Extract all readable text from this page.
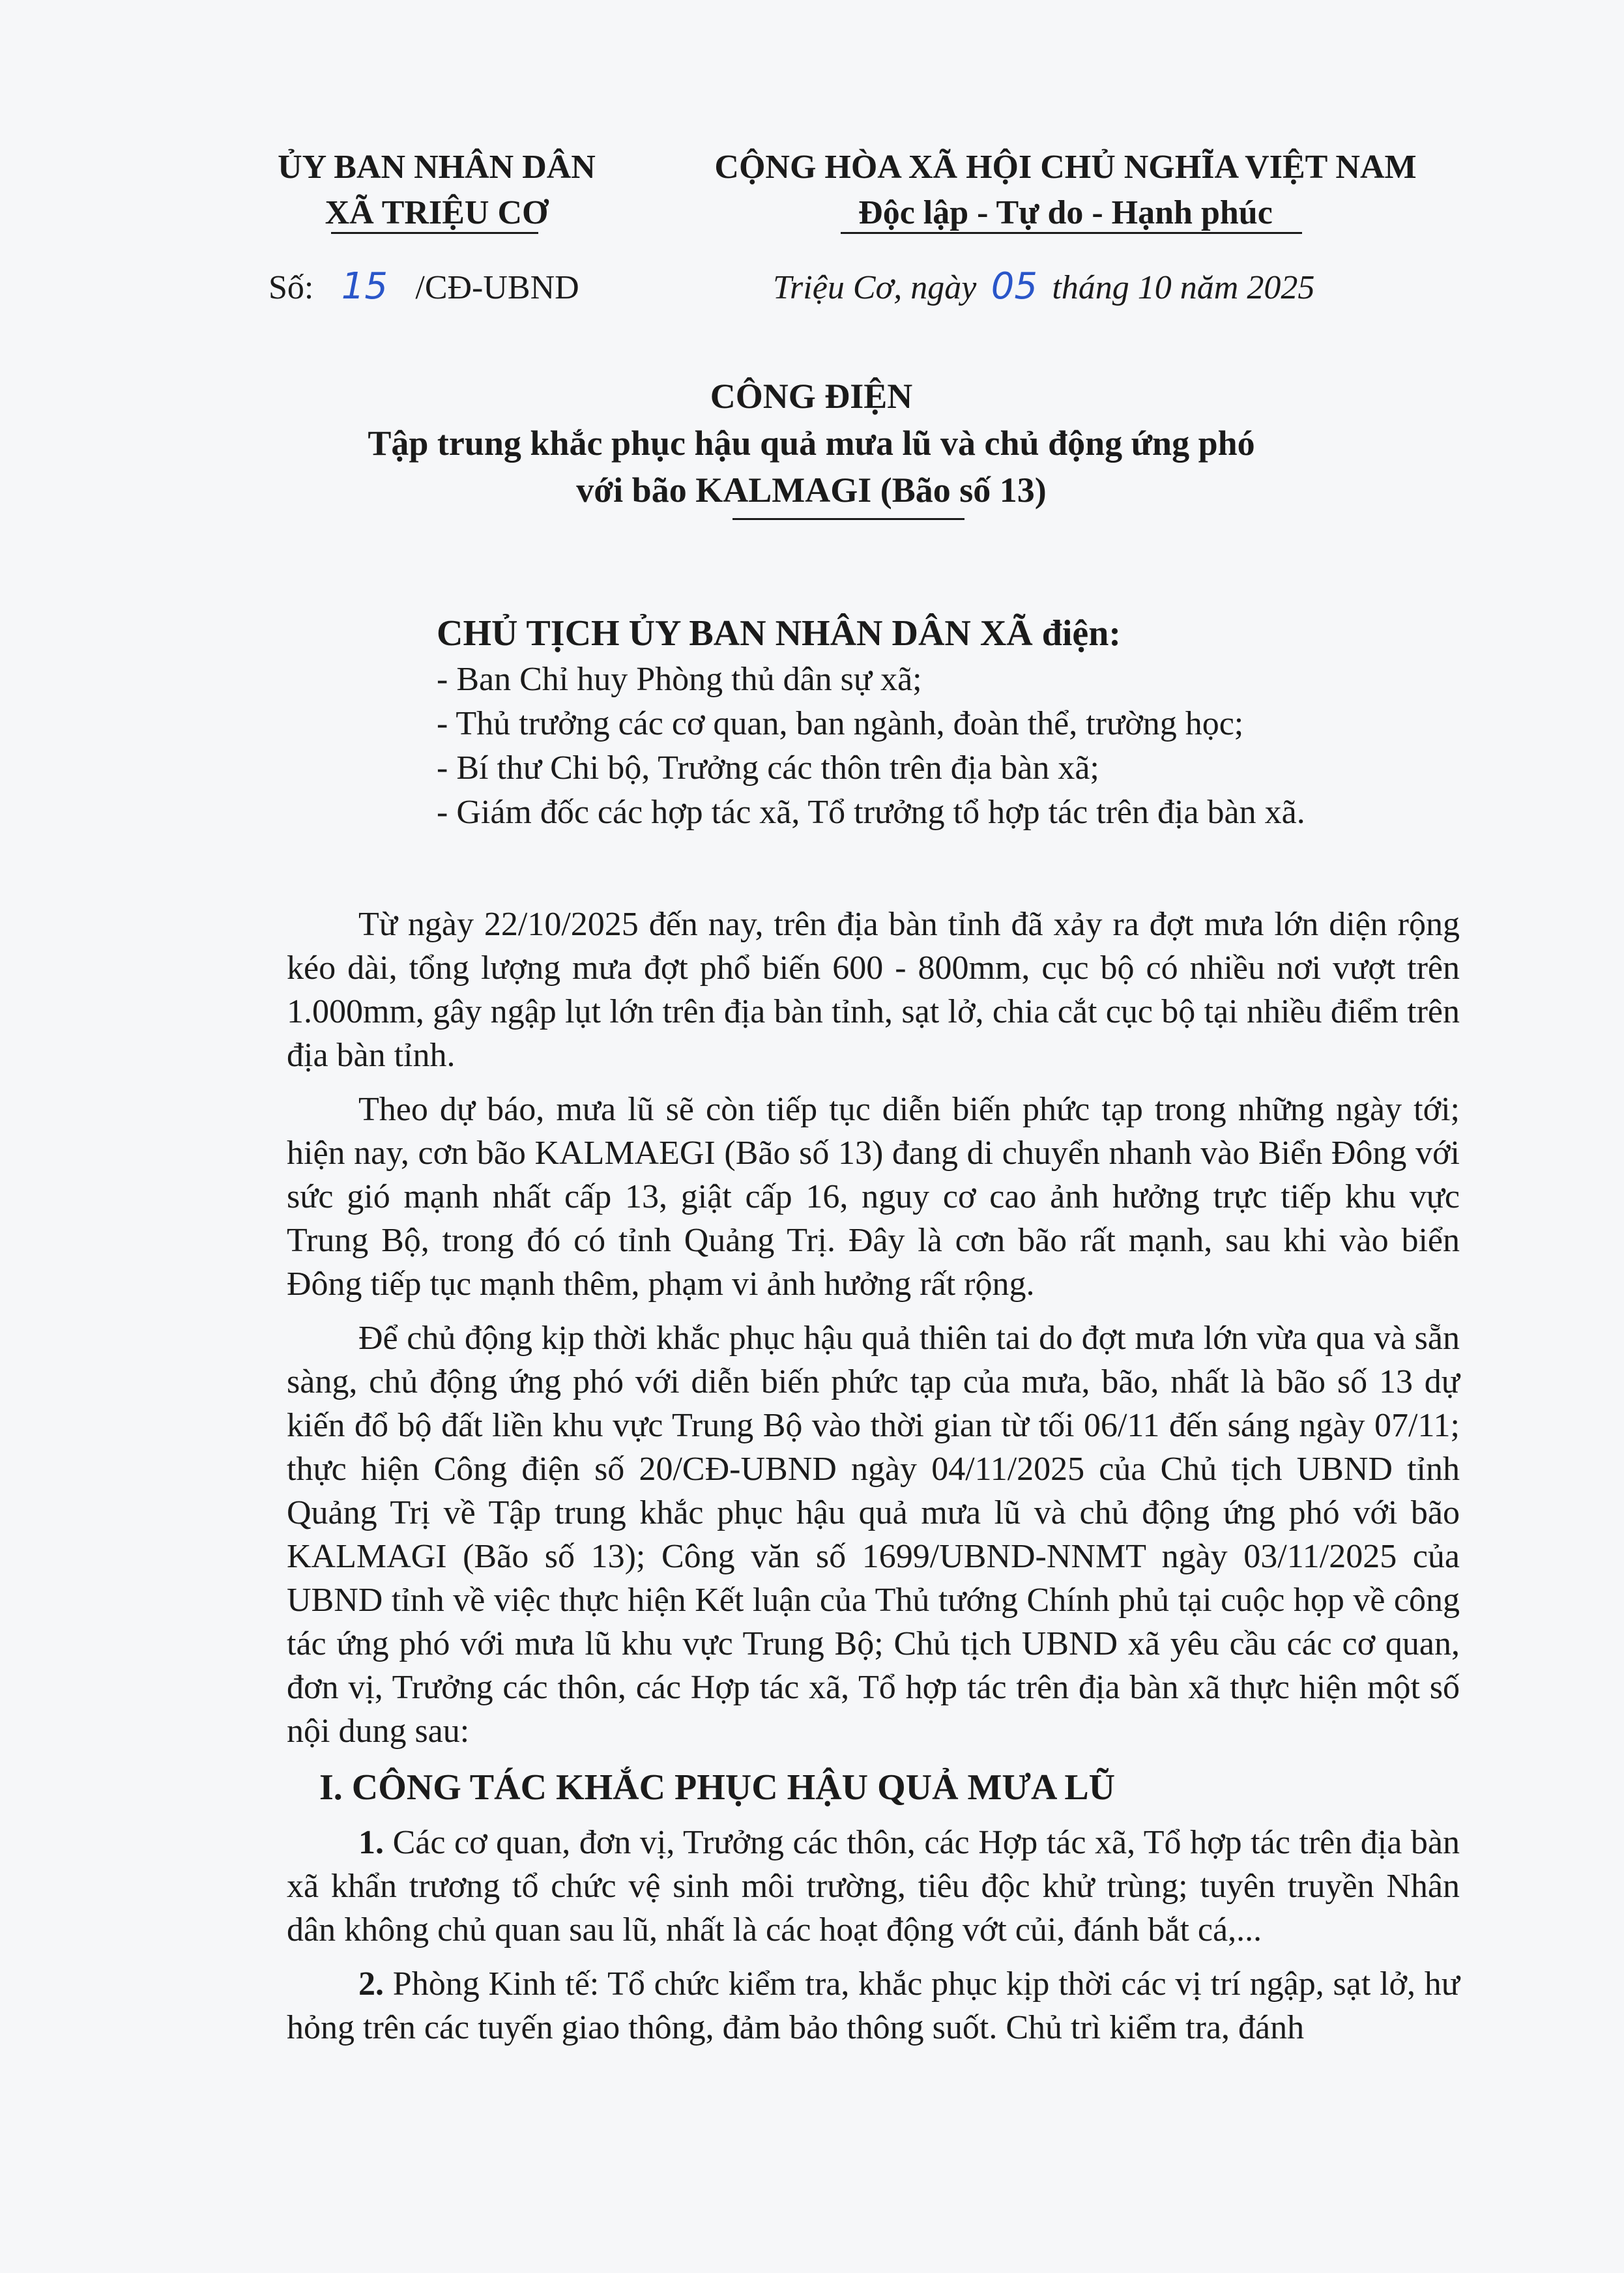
ỦY BAN NHÂN DÂN
XÃ TRIỆU CƠ
CỘNG HÒA XÃ HỘI CHỦ NGHĨA VIỆT NAM
Độc lập - Tự do - Hạnh phúc
Số: 15 /CĐ-UBND	Triệu Cơ, ngày 05 tháng 10 năm 2025
CÔNG ĐIỆN
Tập trung khắc phục hậu quả mưa lũ và chủ động ứng phó
với bão KALMAGI (Bão số 13)
CHỦ TỊCH ỦY BAN NHÂN DÂN XÃ điện:
- Ban Chỉ huy Phòng thủ dân sự xã;
- Thủ trưởng các cơ quan, ban ngành, đoàn thể, trường học;
- Bí thư Chi bộ, Trưởng các thôn trên địa bàn xã;
- Giám đốc các hợp tác xã, Tổ trưởng tổ hợp tác trên địa bàn xã.

Từ ngày 22/10/2025 đến nay, trên địa bàn tỉnh đã xảy ra đợt mưa lớn diện rộng kéo dài, tổng lượng mưa đợt phổ biến 600 - 800mm, cục bộ có nhiều nơi vượt trên 1.000mm, gây ngập lụt lớn trên địa bàn tỉnh, sạt lở, chia cắt cục bộ tại nhiều điểm trên địa bàn tỉnh.

Theo dự báo, mưa lũ sẽ còn tiếp tục diễn biến phức tạp trong những ngày tới; hiện nay, cơn bão KALMAEGI (Bão số 13) đang di chuyển nhanh vào Biển Đông với sức gió mạnh nhất cấp 13, giật cấp 16, nguy cơ cao ảnh hưởng trực tiếp khu vực Trung Bộ, trong đó có tỉnh Quảng Trị. Đây là cơn bão rất mạnh, sau khi vào biển Đông tiếp tục mạnh thêm, phạm vi ảnh hưởng rất rộng.

Để chủ động kịp thời khắc phục hậu quả thiên tai do đợt mưa lớn vừa qua và sẵn sàng, chủ động ứng phó với diễn biến phức tạp của mưa, bão, nhất là bão số 13 dự kiến đổ bộ đất liền khu vực Trung Bộ vào thời gian từ tối 06/11 đến sáng ngày 07/11; thực hiện Công điện số 20/CĐ-UBND ngày 04/11/2025 của Chủ tịch UBND tỉnh Quảng Trị về Tập trung khắc phục hậu quả mưa lũ và chủ động ứng phó với bão KALMAGI (Bão số 13); Công văn số 1699/UBND-NNMT ngày 03/11/2025 của UBND tỉnh về việc thực hiện Kết luận của Thủ tướng Chính phủ tại cuộc họp về công tác ứng phó với mưa lũ khu vực Trung Bộ; Chủ tịch UBND xã yêu cầu các cơ quan, đơn vị, Trưởng các thôn, các Hợp tác xã, Tổ hợp tác trên địa bàn xã thực hiện một số nội dung sau:

I. CÔNG TÁC KHẮC PHỤC HẬU QUẢ MƯA LŨ

1. Các cơ quan, đơn vị, Trưởng các thôn, các Hợp tác xã, Tổ hợp tác trên địa bàn xã khẩn trương tổ chức vệ sinh môi trường, tiêu độc khử trùng; tuyên truyền Nhân dân không chủ quan sau lũ, nhất là các hoạt động vớt củi, đánh bắt cá,...

2. Phòng Kinh tế: Tổ chức kiểm tra, khắc phục kịp thời các vị trí ngập, sạt lở, hư hỏng trên các tuyến giao thông, đảm bảo thông suốt. Chủ trì kiểm tra, đánh
